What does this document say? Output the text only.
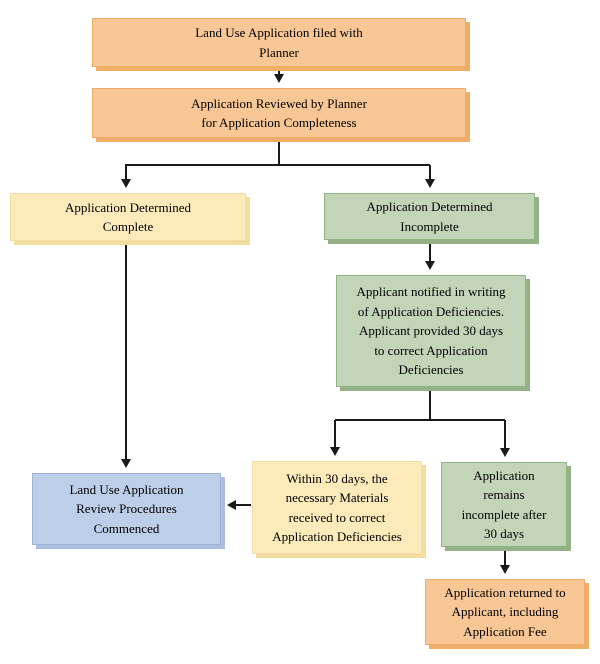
Land Use Application filed with
Planner
Application Reviewed by Planner
for Application Completeness
Application Determined
Complete
Application Determined
Incomplete
Applicant notified in writing
of Application Deficiencies.
Applicant provided 30 days
to correct Application
Deficiencies
Within 30 days, the
necessary Materials
received to correct
Application Deficiencies
Application
remains
incomplete after
30 days
Land Use Application
Review Procedures
Commenced
Application returned to
Applicant, including
Application Fee
